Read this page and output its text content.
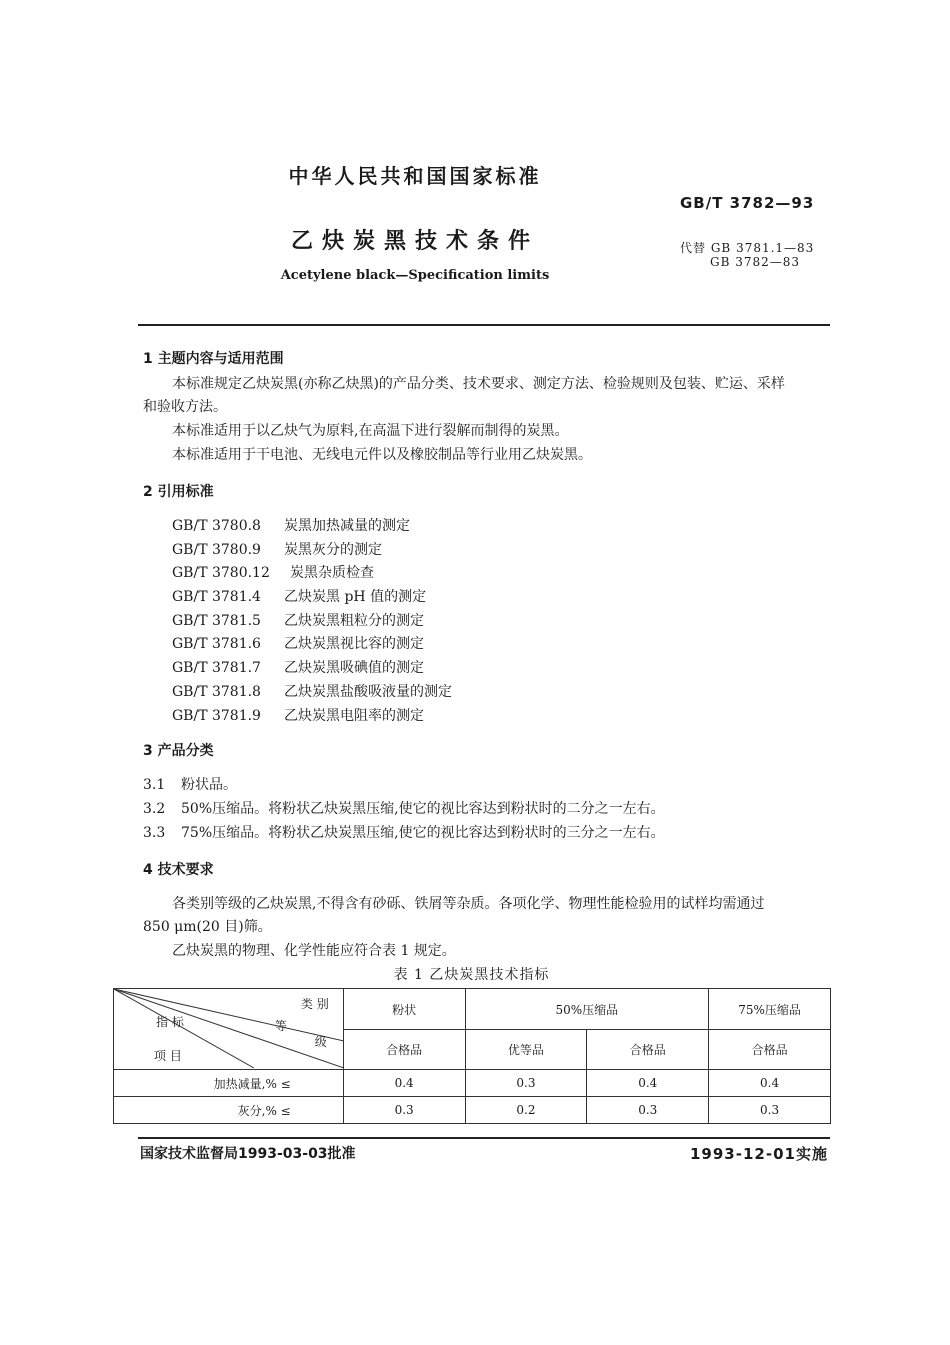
中华人民共和国国家标准
GB/T 3782—93
乙炔炭黑技术条件	代替 GB 3781.1—83
GB 3782—83
Acetylene black—Specification limits
1 主题内容与适用范围
本标准规定乙炔炭黑(亦称乙炔黑)的产品分类、技术要求、测定方法、检验规则及包装、贮运、采样
和验收方法。
本标准适用于以乙炔气为原料,在高温下进行裂解而制得的炭黑。
本标准适用于干电池、无线电元件以及橡胶制品等行业用乙炔炭黑。
2 引用标准
GB/T 3780.8 炭黑加热减量的测定
GB/T 3780.9 炭黑灰分的测定
GB/T 3780.12 炭黑杂质检查
GB/T 3781.4 乙炔炭黑 pH 值的测定
GB/T 3781.5 乙炔炭黑粗粒分的测定
GB/T 3781.6 乙炔炭黑视比容的测定
GB/T 3781.7 乙炔炭黑吸碘值的测定
GB/T 3781.8 乙炔炭黑盐酸吸液量的测定
GB/T 3781.9 乙炔炭黑电阻率的测定
3 产品分类
3.1 粉状品。
3.2 50%压缩品。将粉状乙炔炭黑压缩,使它的视比容达到粉状时的二分之一左右。
3.3 75%压缩品。将粉状乙炔炭黑压缩,使它的视比容达到粉状时的三分之一左右。
4 技术要求
各类别等级的乙炔炭黑,不得含有砂砾、铁屑等杂质。各项化学、物理性能检验用的试样均需通过
850 μm(20 目)筛。
乙炔炭黑的物理、化学性能应符合表 1 规定。
表 1 乙炔炭黑技术指标
类 别
等
级
指 标
项 目	粉状	50%压缩品		75%压缩品
	合格品	优等品	合格品	合格品
加热减量,% ≤	0.4	0.3	0.4	0.4
灰分,% ≤	0.3	0.2	0.3	0.3
国家技术监督局1993-03-03批准	1993-12-01实施
